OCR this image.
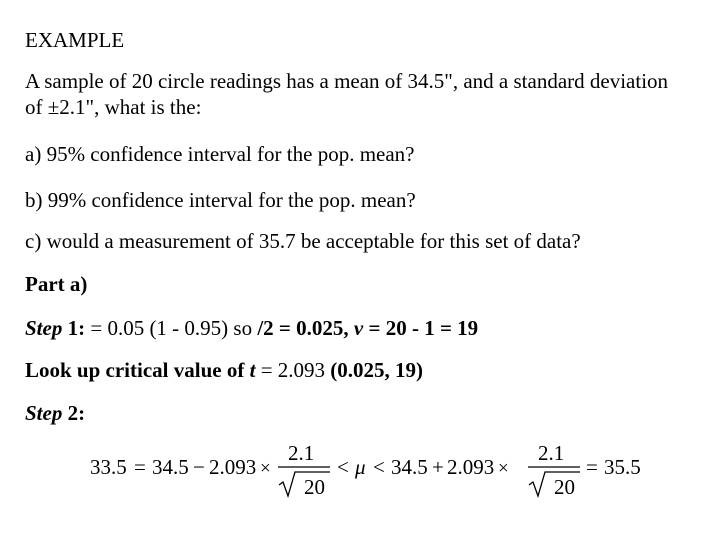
EXAMPLE

A sample of 20 circle readings has a mean of 34.5", and a standard deviation of ±2.1", what is the:

a) 95% confidence interval for the pop. mean?

b) 99% confidence interval for the pop. mean?

c) would a measurement of 35.7 be acceptable for this set of data?

Part a)

Step 1: = 0.05 (1 - 0.95) so /2 = 0.025, v = 20 - 1 = 19

Look up critical value of t = 2.093 (0.025, 19)

Step 2:

33.5 = 34.5 − 2.093 ×
2.1
20
< μ < 34.5 + 2.093 ×
2.1
20
= 35.5
